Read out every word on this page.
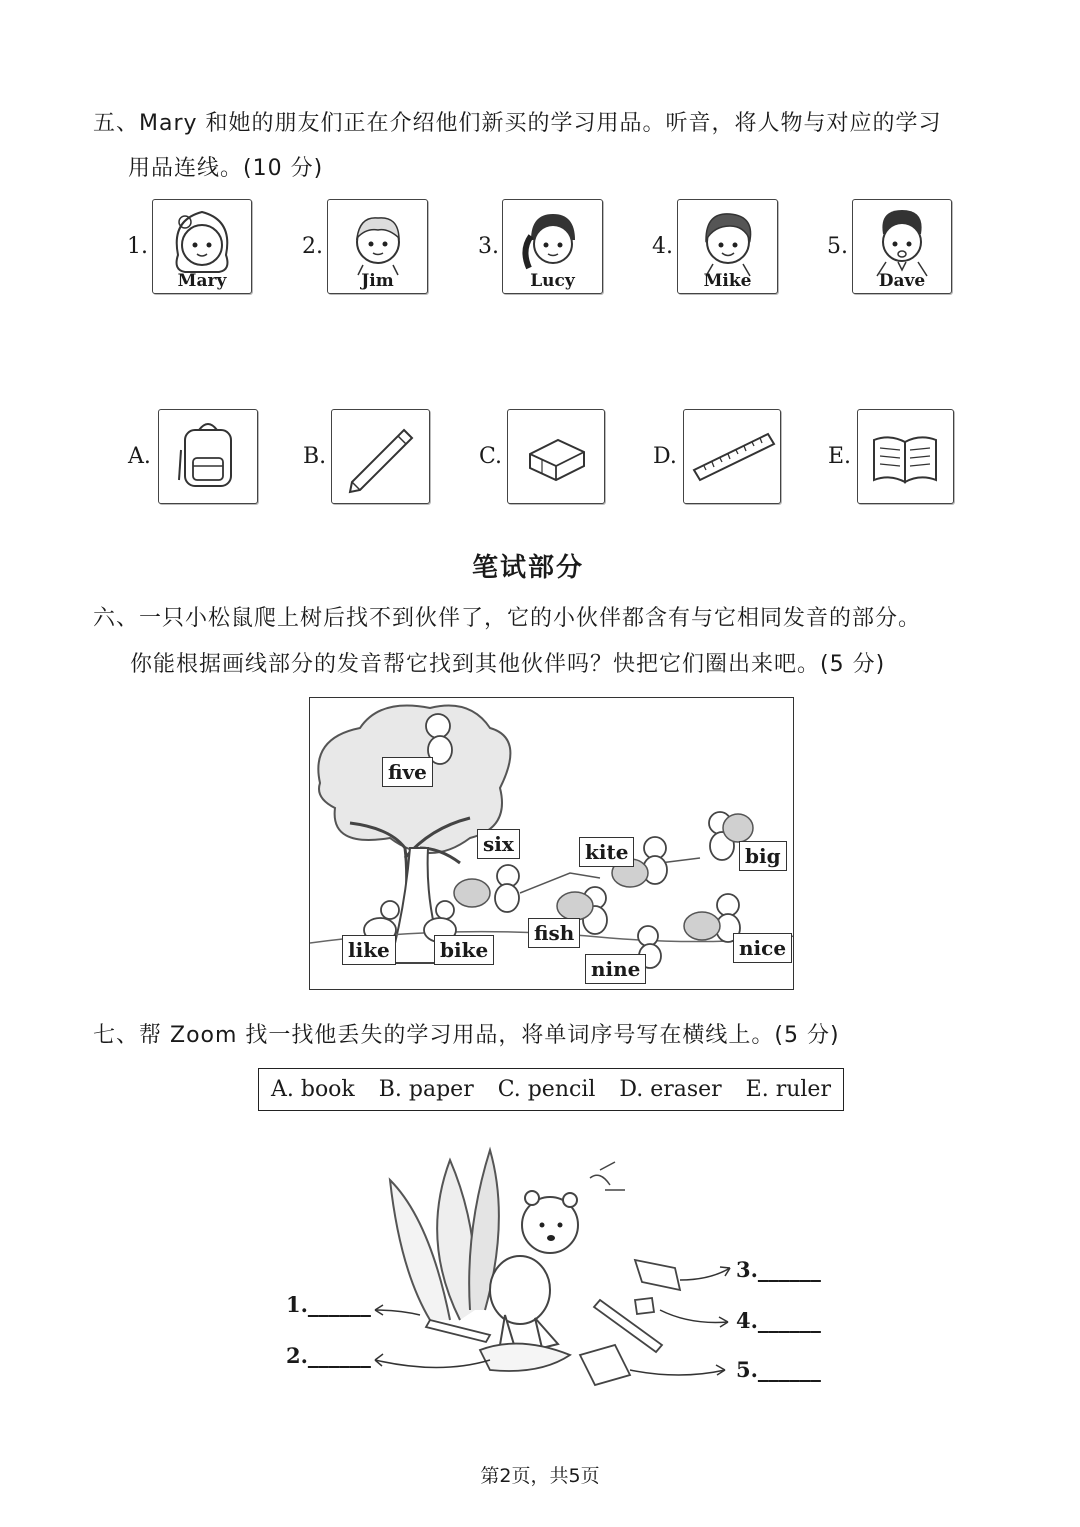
五、Mary 和她的朋友们正在介绍他们新买的学习用品。听音，将人物与对应的学习
用品连线。(10 分)
1.
Mary
2.
Jim
3.
Lucy
4.
Mike
5.
Dave
A.	B.	C.	D.	E.
笔试部分
六、一只小松鼠爬上树后找不到伙伴了，它的小伙伴都含有与它相同发音的部分。
你能根据画线部分的发音帮它找到其他伙伴吗？快把它们圈出来吧。(5 分)
five
six	kite	big
like	bike
fish
nine
nice
七、帮 Zoom 找一找他丢失的学习用品，将单词序号写在横线上。(5 分)
A. book B. paper C. pencil D. eraser E. ruler
1.______
2.______
3.______
4.______
5.______
第2页，共5页
